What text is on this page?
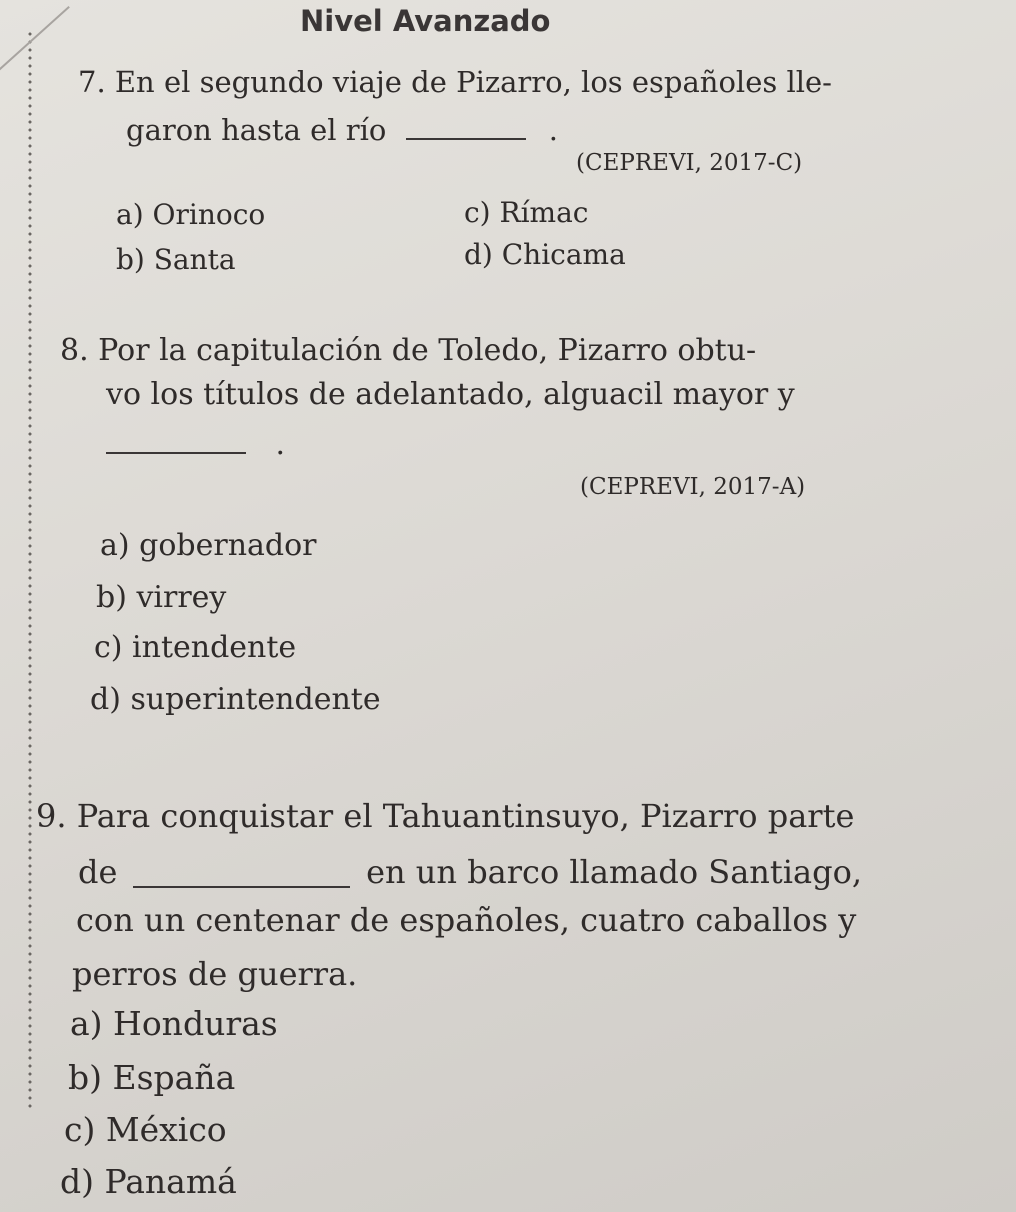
Nivel Avanzado
7. En el segundo viaje de Pizarro, los españoles lle-
garon hasta el río	.
(CEPREVI, 2017-C)
a) Orinoco	c) Rímac
b) Santa	d) Chicama
8. Por la capitulación de Toledo, Pizarro obtu-
vo los títulos de adelantado, alguacil mayor y
.
(CEPREVI, 2017-A)
a) gobernador
b) virrey
c) intendente
d) superintendente
9. Para conquistar el Tahuantinsuyo, Pizarro parte
de	en un barco llamado Santiago,
con un centenar de españoles, cuatro caballos y
perros de guerra.
a) Honduras
b) España
c) México
d) Panamá
